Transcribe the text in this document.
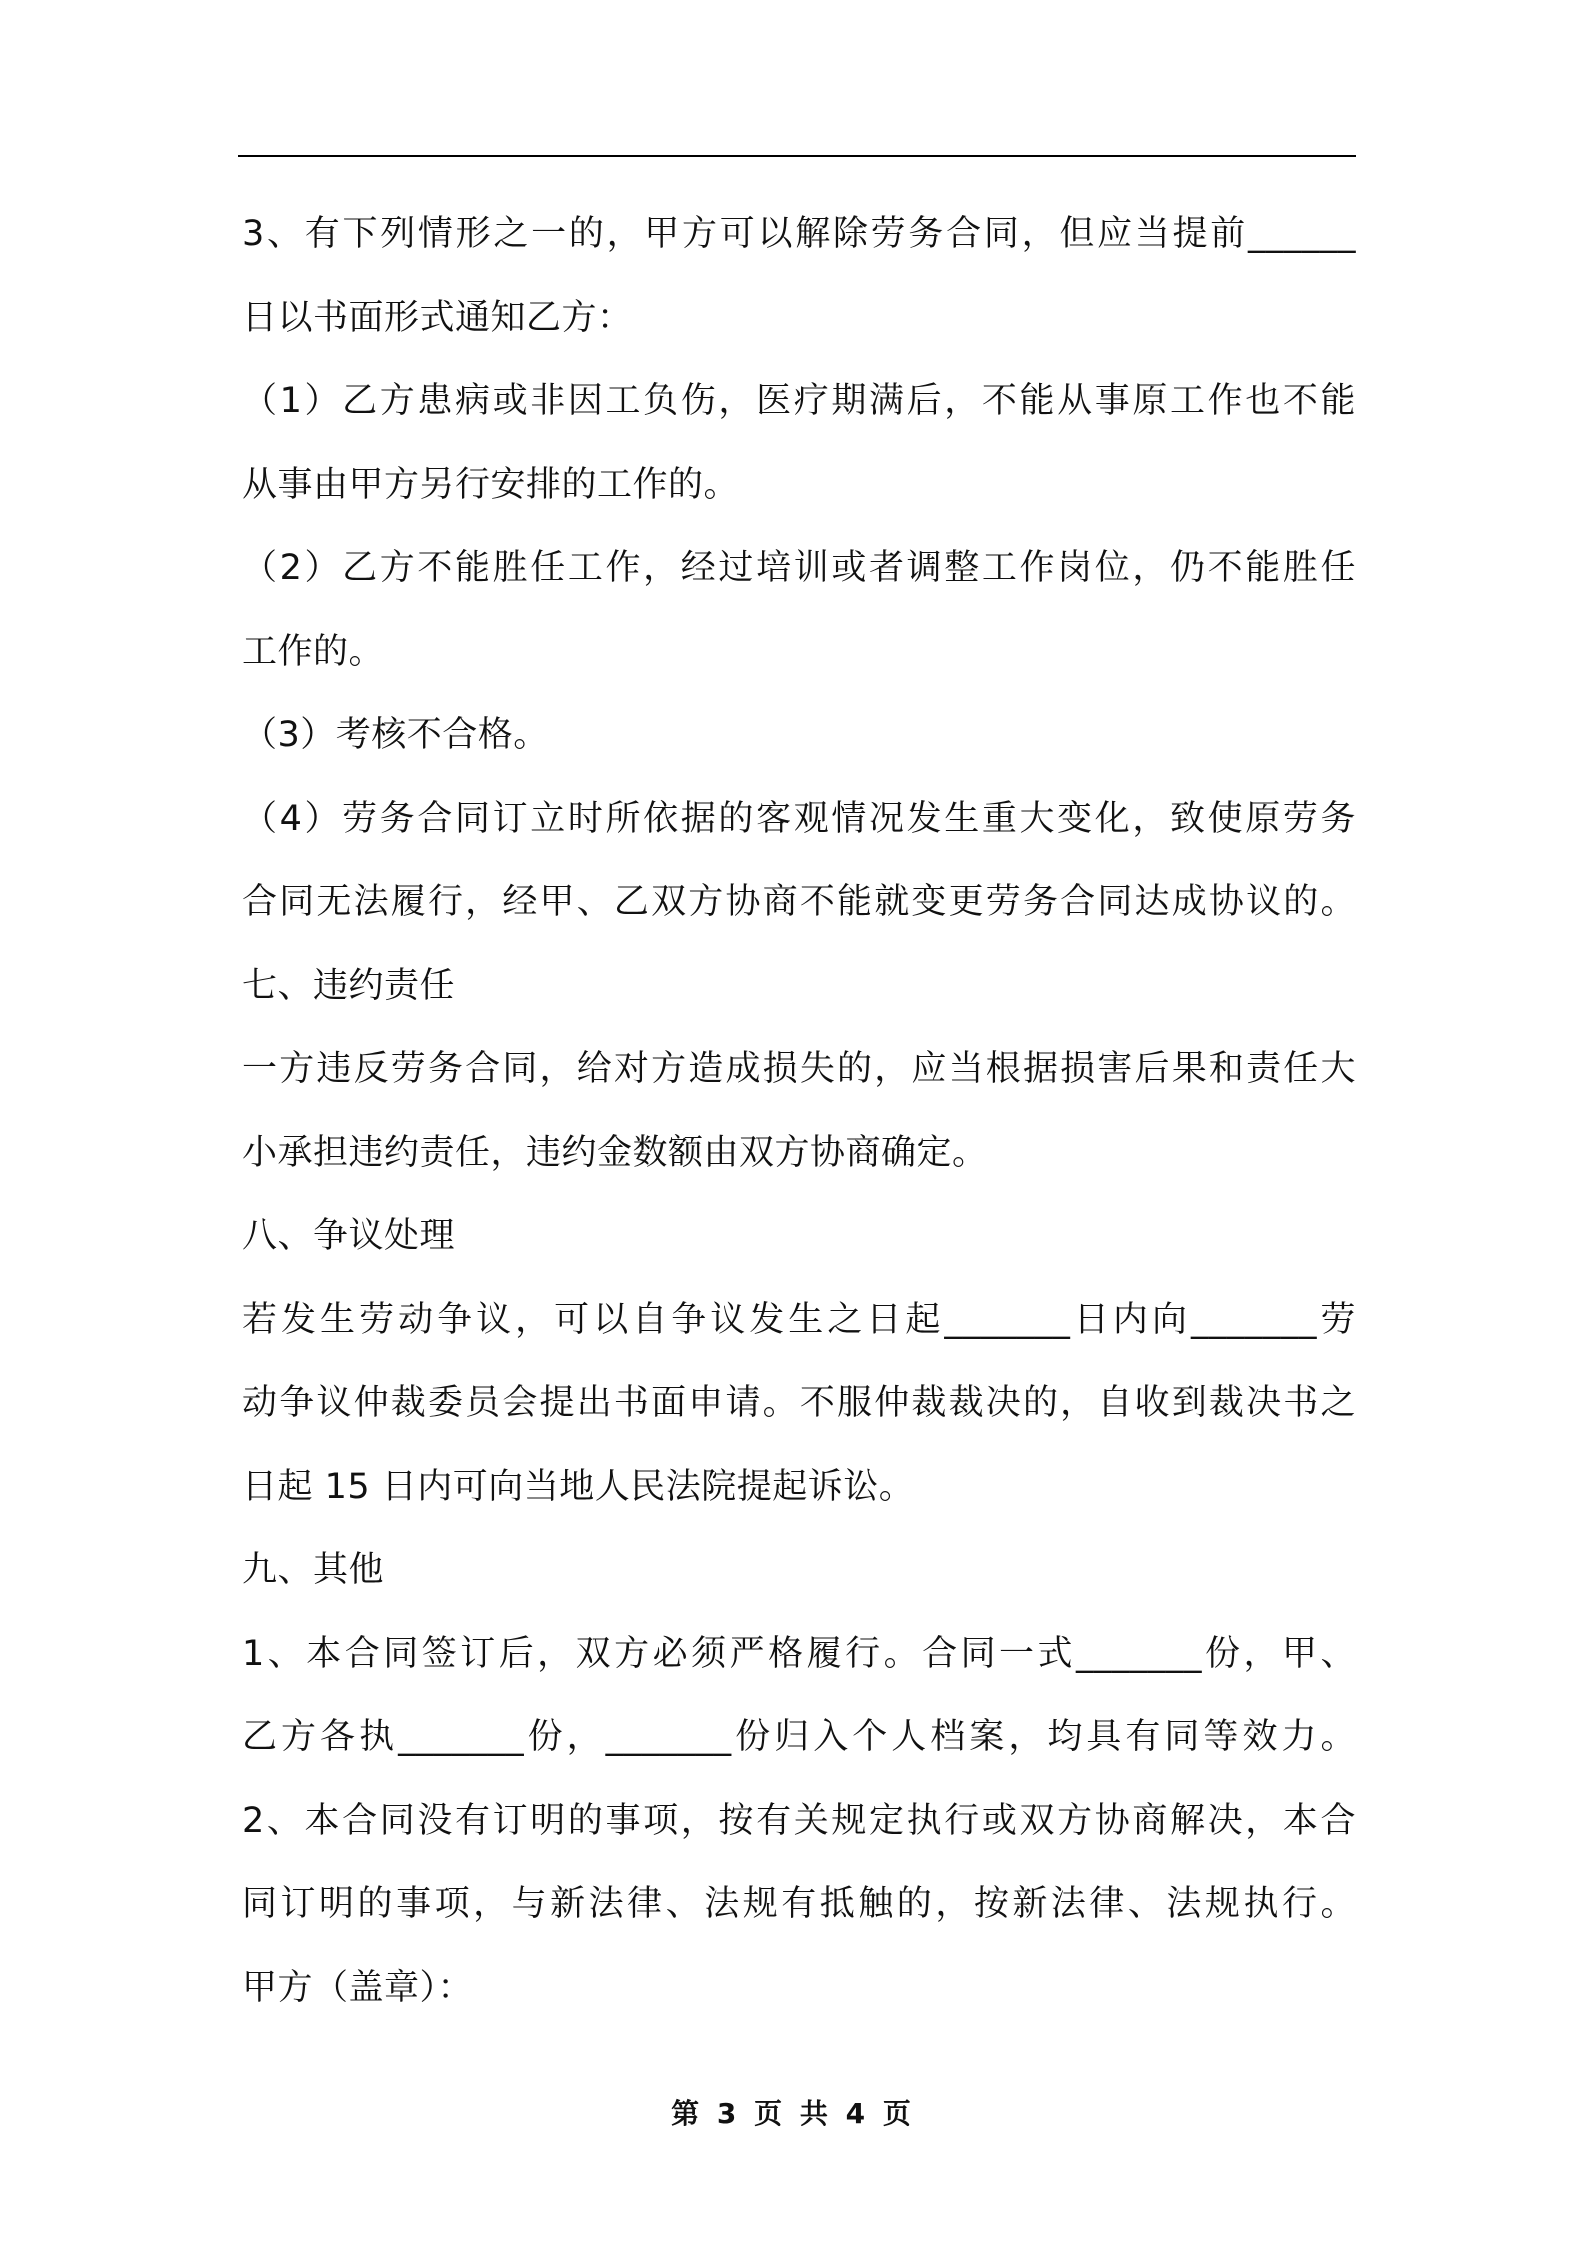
3、有下列情形之一的，甲方可以解除劳务合同，但应当提前______
日以书面形式通知乙方：
（1）乙方患病或非因工负伤，医疗期满后，不能从事原工作也不能
从事由甲方另行安排的工作的。
（2）乙方不能胜任工作，经过培训或者调整工作岗位，仍不能胜任
工作的。
（3）考核不合格。
（4）劳务合同订立时所依据的客观情况发生重大变化，致使原劳务
合同无法履行，经甲、乙双方协商不能就变更劳务合同达成协议的。
七、违约责任
一方违反劳务合同，给对方造成损失的，应当根据损害后果和责任大
小承担违约责任，违约金数额由双方协商确定。
八、争议处理
若发生劳动争议，可以自争议发生之日起_______日内向_______劳
动争议仲裁委员会提出书面申请。不服仲裁裁决的，自收到裁决书之
日起 15 日内可向当地人民法院提起诉讼。
九、其他
1、本合同签订后，双方必须严格履行。合同一式_______份，甲、
乙方各执_______份，_______份归入个人档案，均具有同等效力。
2、本合同没有订明的事项，按有关规定执行或双方协商解决，本合
同订明的事项，与新法律、法规有抵触的，按新法律、法规执行。
甲方（盖章）：
第 3 页 共 4 页
